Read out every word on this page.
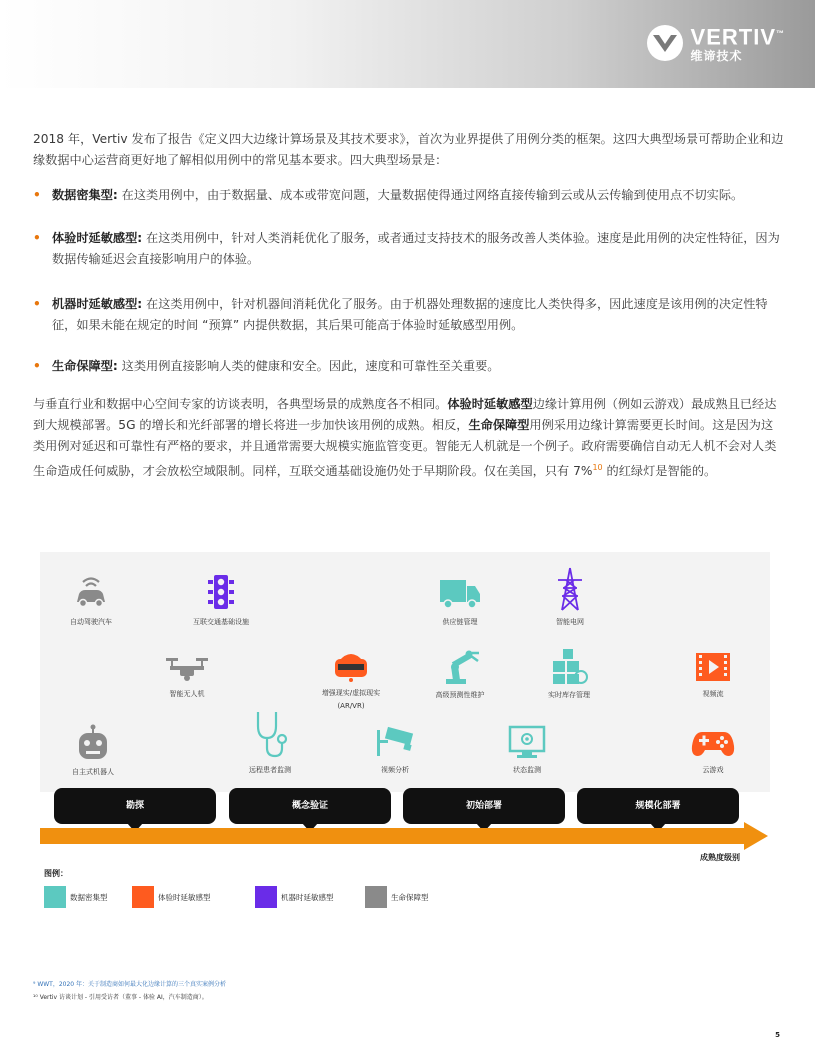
VERTIV™
维谛技术

2018 年，Vertiv 发布了报告《定义四大边缘计算场景及其技术要求》，首次为业界提供了用例分类的框架。这四大典型场景可帮助企业和边缘数据中心运营商更好地了解相似用例中的常见基本要求。四大典型场景是：

• 数据密集型: 在这类用例中，由于数据量、成本或带宽问题，大量数据使得通过网络直接传输到云或从云传输到使用点不切实际。
• 体验时延敏感型: 在这类用例中，针对人类消耗优化了服务，或者通过支持技术的服务改善人类体验。速度是此用例的决定性特征，因为数据传输延迟会直接影响用户的体验。
• 机器时延敏感型: 在这类用例中，针对机器间消耗优化了服务。由于机器处理数据的速度比人类快得多，因此速度是该用例的决定性特征，如果未能在规定的时间 “预算” 内提供数据，其后果可能高于体验时延敏感型用例。
• 生命保障型: 这类用例直接影响人类的健康和安全。因此，速度和可靠性至关重要。

与垂直行业和数据中心空间专家的访谈表明，各典型场景的成熟度各不相同。体验时延敏感型边缘计算用例（例如云游戏）最成熟且已经达到大规模部署。5G 的增长和光纤部署的增长将进一步加快该用例的成熟。相反，生命保障型用例采用边缘计算需要更长时间。这是因为这类用例对延迟和可靠性有严格的要求，并且通常需要大规模实施监管变更。智能无人机就是一个例子。政府需要确信自动无人机不会对人类生命造成任何威胁，才会放松空域限制。同样，互联交通基础设施仍处于早期阶段。仅在美国，只有 7%$^{10}$ 的红绿灯是智能的。

自动驾驶汽车	互联交通基础设施	供应链管理	智能电网
智能无人机	增强现实/虚拟现实
(AR/VR)
高级预测性维护	实时库存管理	视频流
自主式机器人	远程患者监测	视频分析	状态监测	云游戏
勘探	概念验证	初始部署	规模化部署
成熟度级别
图例：
数据密集型	体验时延敏感型	机器时延敏感型	生命保障型
⁹ WWT，2020 年：关于制造商如何最大化边缘计算的三个真实案例分析
¹⁰ Vertiv 访谈计划 - 引用受访者（董事 - 体验 AI，汽车制造商）。
5
